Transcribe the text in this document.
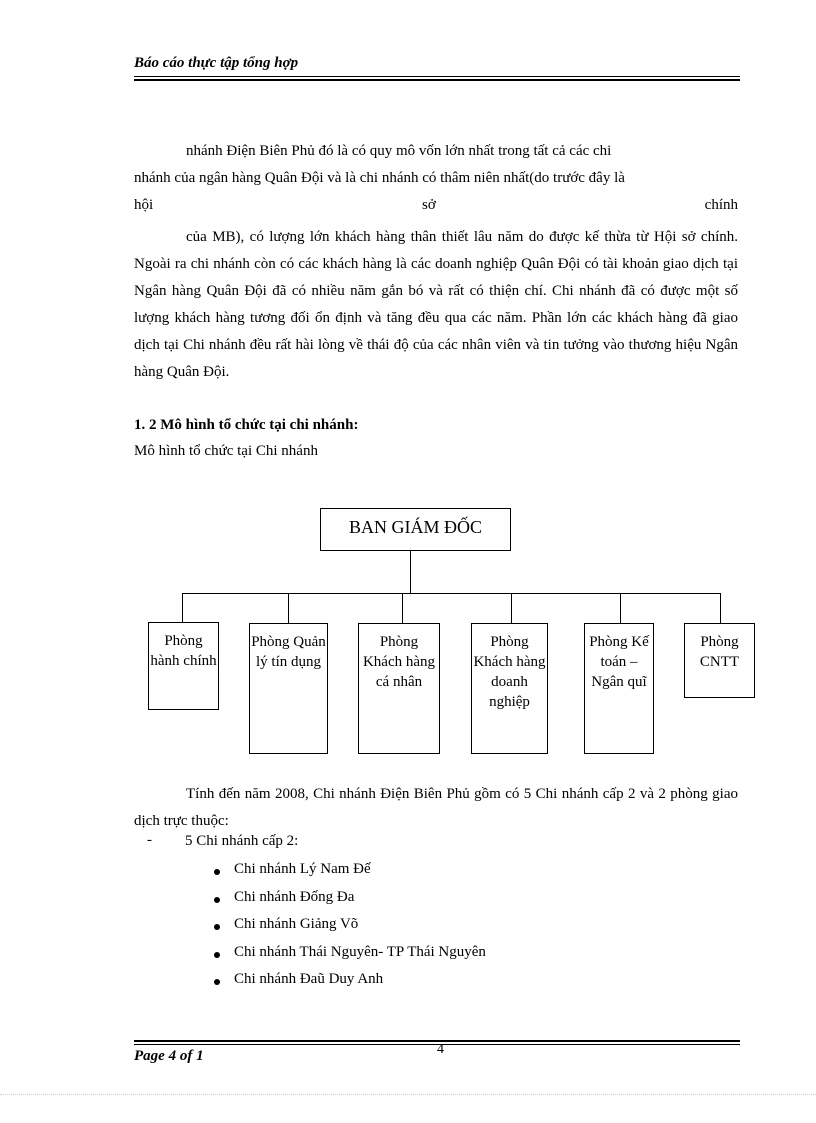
Báo cáo thực tập tổng hợp

nhánh Điện Biên Phủ đó là có quy mô vốn lớn nhất trong tất cả các chi

nhánh của ngân hàng Quân Đội và là chi nhánh có thâm niên nhất(do trước đây là

hội sở chính

của MB), có lượng lớn khách hàng thân thiết lâu năm do được kế thừa từ Hội sở chính. Ngoài ra chi nhánh còn có các khách hàng là các doanh nghiệp Quân Đội có tài khoản giao dịch tại Ngân hàng Quân Đội đã có nhiều năm gắn bó và rất có thiện chí. Chi nhánh đã có được một số lượng khách hàng tương đối ổn định và tăng đều qua các năm. Phần lớn các khách hàng đã giao dịch tại Chi nhánh đều rất hài lòng về thái độ của các nhân viên và tin tưởng vào thương hiệu Ngân hàng Quân Đội.
1. 2 Mô hình tổ chức tại chi nhánh:
Mô hình tổ chức tại Chi nhánh
BAN GIÁM ĐỐC
Phòng hành chính
Phòng Quản lý tín dụng
Phòng Khách hàng cá nhân
Phòng Khách hàng doanh nghiệp
Phòng Kế toán – Ngân quĩ
Phòng CNTT
Tính đến năm 2008, Chi nhánh Điện Biên Phủ gồm có 5 Chi nhánh cấp 2 và 2 phòng giao dịch trực thuộc:
- 5 Chi nhánh cấp 2:
Chi nhánh Lý Nam Đế
Chi nhánh Đống Đa
Chi nhánh Giảng Võ
Chi nhánh Thái Nguyên- TP Thái Nguyên
Chi nhánh Đaũ Duy Anh
4
Page 4 of 1
